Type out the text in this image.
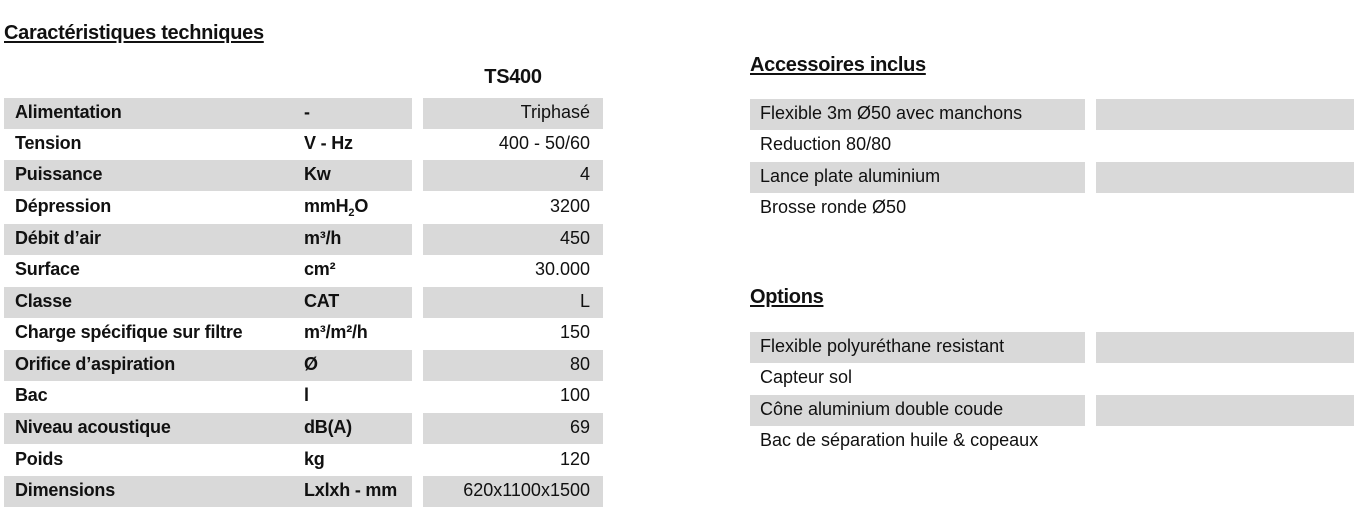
Caractéristiques techniques
TS400
Alimentation	-	Triphasé
Tension	V - Hz	400 - 50/60
Puissance	Kw	4
Dépression	mmH$_2$O	3200
Débit d’air	m³/h	450
Surface	cm²	30.000
Classe	CAT	L
Charge spécifique sur filtre	m³/m²/h	150
Orifice d’aspiration	Ø	80
Bac	l	100
Niveau acoustique	dB(A)	69
Poids	kg	120
Dimensions	Lxlxh - mm	620x1100x1500
Accessoires inclus
Flexible 3m Ø50 avec manchons
Reduction 80/80
Lance plate aluminium
Brosse ronde Ø50
Options
Flexible polyuréthane resistant
Capteur sol
Cône aluminium double coude
Bac de séparation huile & copeaux
